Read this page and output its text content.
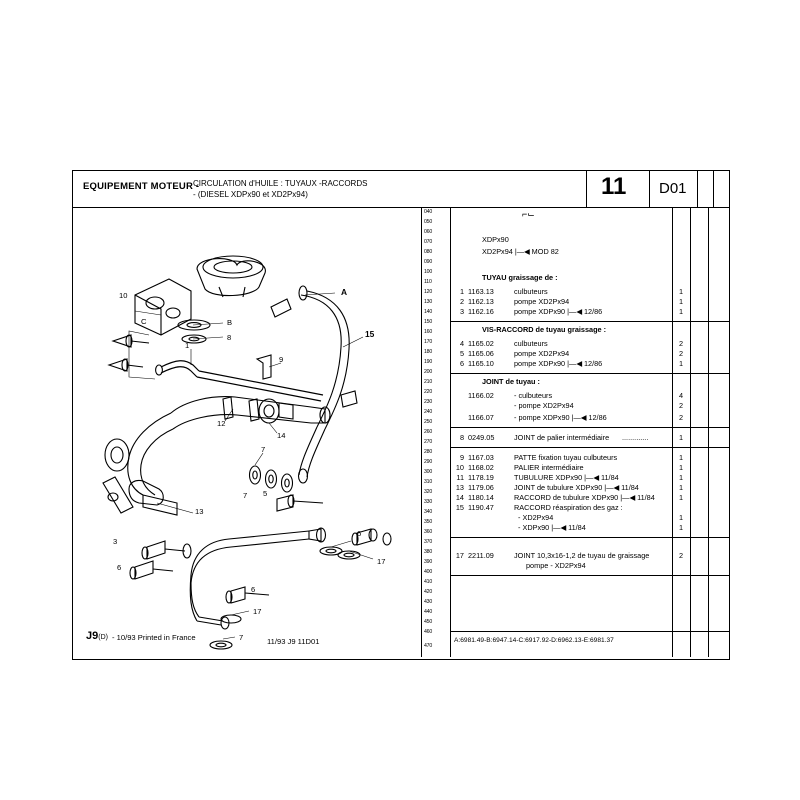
EQUIPEMENT MOTEUR -
CIRCULATION d'HUILE : TUYAUX -RACCORDS
- (DIESEL XDPx90 et XD2Px94)	11 D01
10
C	B
8
1
9
12
14
13
7
5
3
6
6
17
7
6
17
7
A
15
11/93 J9 11D01
040
050
060
070
080
090
100
110
120
130
140
150
160
170
180
190
200
210
220
230
240
250
260
270
280
290
300
310
320
330
340
350
360
370
380
390
400
410
420
430
440
450
460
470
⌐⌙
XDPx90
XD2Px94 |—◀ MOD 82
TUYAU graissage de :
1 1163.13	culbuteurs	1
2 1162.13	pompe XD2Px94	1
3 1162.16	pompe XDPx90 |—◀ 12/86	1
VIS-RACCORD de tuyau graissage :
4 1165.02	culbuteurs	2
5 1165.06	pompe XD2Px94	2
6 1165.10	pompe XDPx90 |—◀ 12/86	1
JOINT de tuyau :
1166.02	- culbuteurs	4
- pompe XD2Px94	2
1166.07	- pompe XDPx90 |—◀ 12/86	2
8 0249.05	JOINT de palier intermédiaire .............	1
9 1167.03	PATTE fixation tuyau culbuteurs	1
10 1168.02	PALIER intermédiaire	1
11 1178.19	TUBULURE XDPx90 |—◀ 11/84	1
13 1179.06	JOINT de tubulure XDPx90 |—◀ 11/84	1
14 1180.14	RACCORD de tubulure XDPx90 |—◀ 11/84	1
15 1190.47	RACCORD réaspiration des gaz :
- XD2Px94	1
- XDPx90 |—◀ 11/84	1
17 2211.09	JOINT 10,3x16-1,2 de tuyau de graissage	2
pompe - XD2Px94
A:6981.49-B:6947.14-C:6917.92-D:6962.13-E:6981.37
J9(D) - 10/93 Printed in France
